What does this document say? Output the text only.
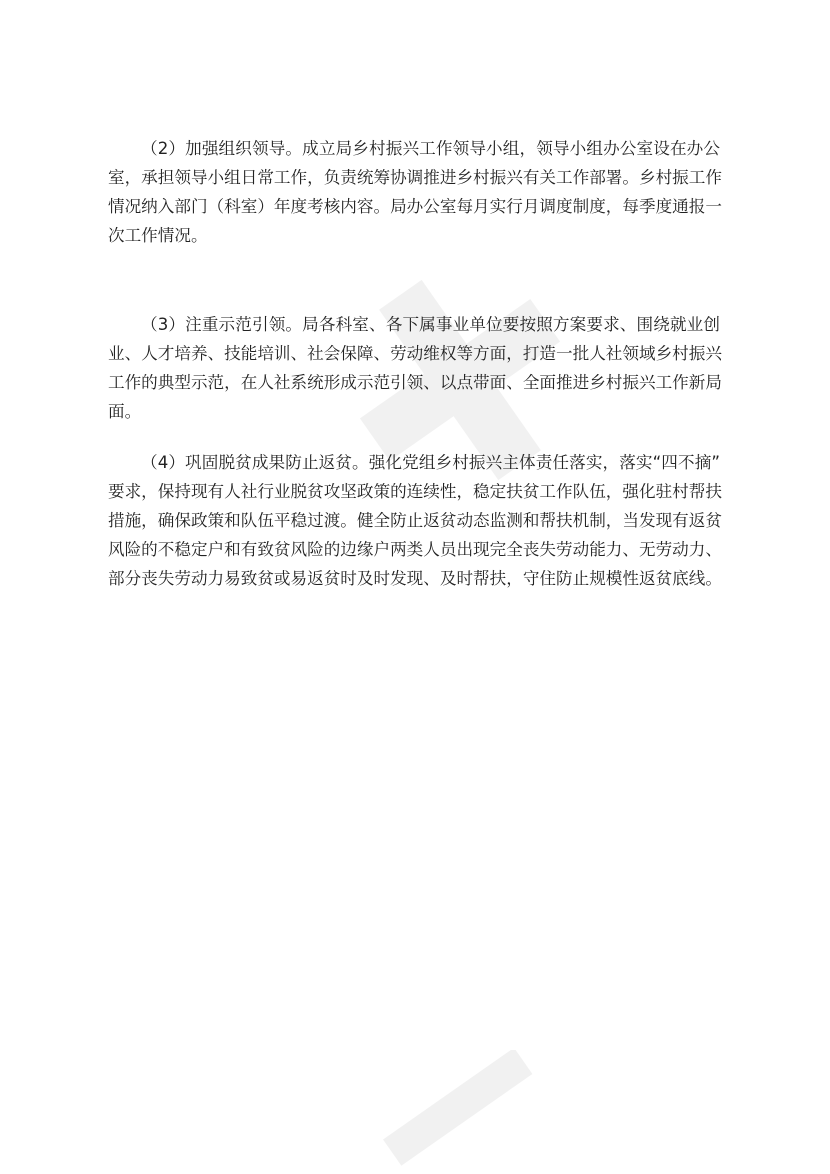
（2）加强组织领导。成立局乡村振兴工作领导小组，领导小组办公室设在办公
室，承担领导小组日常工作，负责统筹协调推进乡村振兴有关工作部署。乡村振工作
情况纳入部门（科室）年度考核内容。局办公室每月实行月调度制度，每季度通报一
次工作情况。
（3）注重示范引领。局各科室、各下属事业单位要按照方案要求、围绕就业创
业、人才培养、技能培训、社会保障、劳动维权等方面，打造一批人社领域乡村振兴
工作的典型示范，在人社系统形成示范引领、以点带面、全面推进乡村振兴工作新局
面。
（4）巩固脱贫成果防止返贫。强化党组乡村振兴主体责任落实，落实“四不摘”
要求，保持现有人社行业脱贫攻坚政策的连续性，稳定扶贫工作队伍，强化驻村帮扶
措施，确保政策和队伍平稳过渡。健全防止返贫动态监测和帮扶机制，当发现有返贫
风险的不稳定户和有致贫风险的边缘户两类人员出现完全丧失劳动能力、无劳动力、
部分丧失劳动力易致贫或易返贫时及时发现、及时帮扶，守住防止规模性返贫底线。
